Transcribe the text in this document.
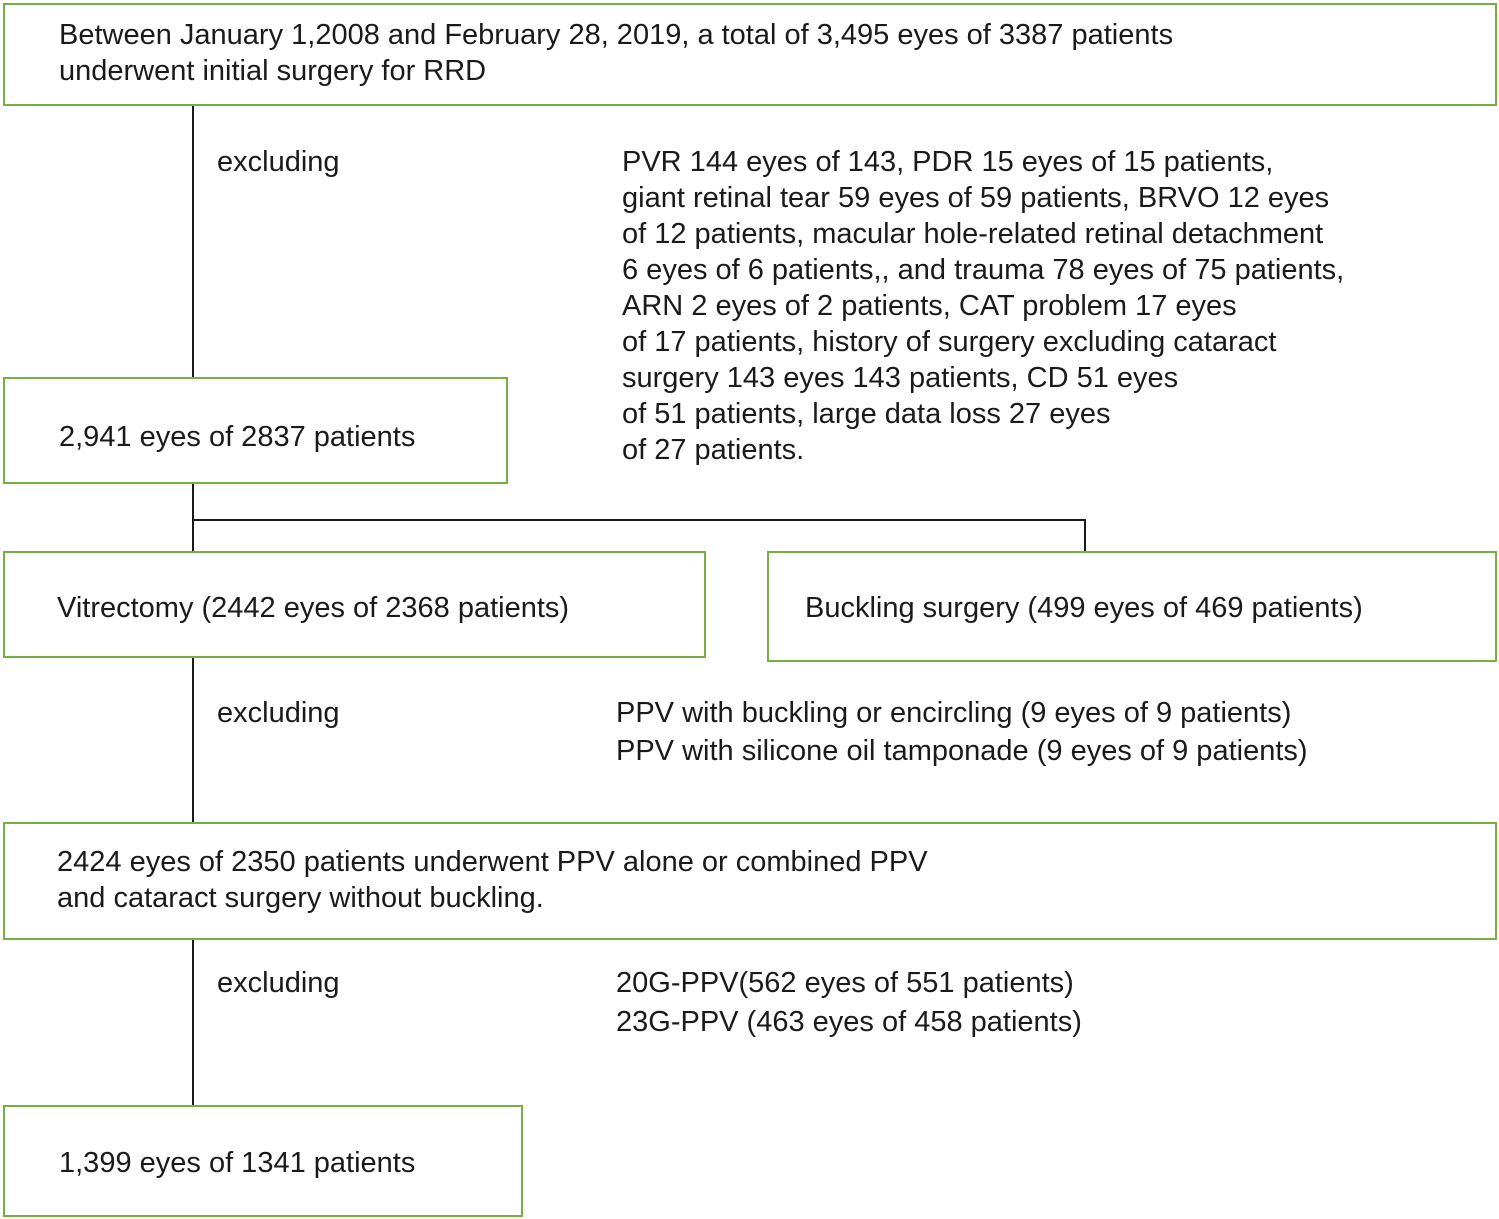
Between January 1,2008 and February 28, 2019, a total of 3,495 eyes of 3387 patients
underwent initial surgery for RRD
excluding	PVR 144 eyes of 143, PDR 15 eyes of 15 patients,
giant retinal tear 59 eyes of 59 patients, BRVO 12 eyes
of 12 patients, macular hole-related retinal detachment
6 eyes of 6 patients,, and trauma 78 eyes of 75 patients,
ARN 2 eyes of 2 patients, CAT problem 17 eyes
of 17 patients, history of surgery excluding cataract
surgery 143 eyes 143 patients, CD 51 eyes
of 51 patients, large data loss 27 eyes
of 27 patients.
2,941 eyes of 2837 patients
Vitrectomy (2442 eyes of 2368 patients)	Buckling surgery (499 eyes of 469 patients)
excluding	PPV with buckling or encircling (9 eyes of 9 patients)
PPV with silicone oil tamponade (9 eyes of 9 patients)
2424 eyes of 2350 patients underwent PPV alone or combined PPV
and cataract surgery without buckling.
excluding	20G-PPV(562 eyes of 551 patients)
23G-PPV (463 eyes of 458 patients)
1,399 eyes of 1341 patients
